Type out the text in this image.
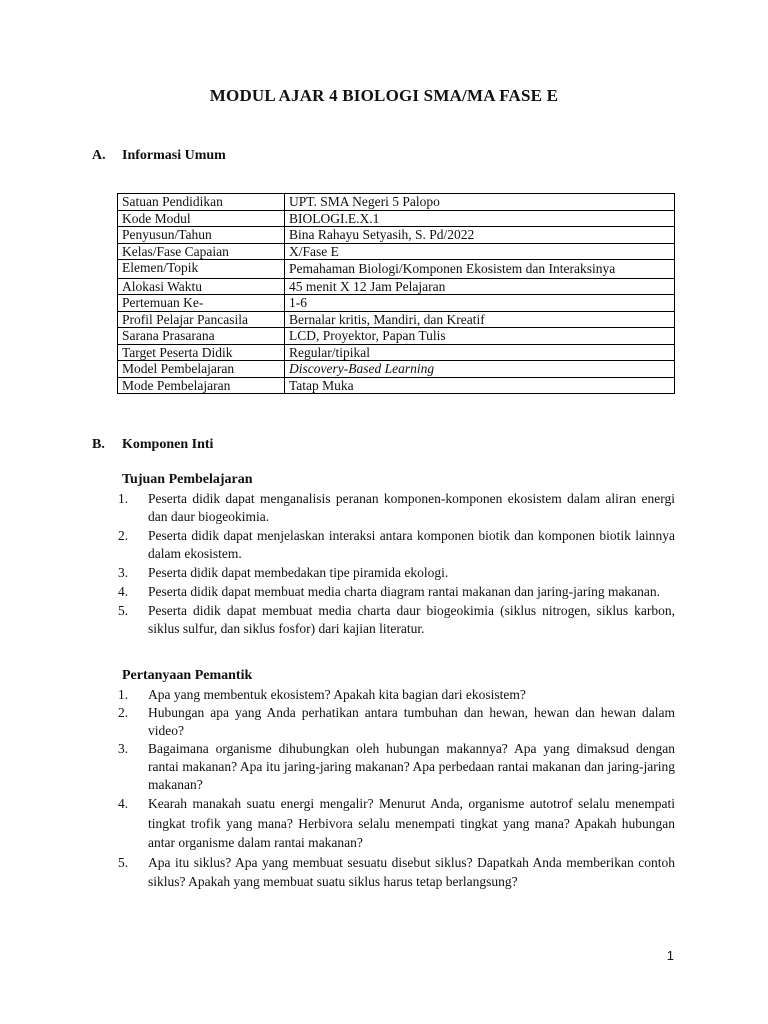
MODUL AJAR 4 BIOLOGI SMA/MA FASE E
A. Informasi Umum
Satuan Pendidikan	UPT. SMA Negeri 5 Palopo
Kode Modul	BIOLOGI.E.X.1
Penyusun/Tahun	Bina Rahayu Setyasih, S. Pd/2022
Kelas/Fase Capaian	X/Fase E
Elemen/Topik	Pemahaman Biologi/Komponen Ekosistem dan Interaksinya
Alokasi Waktu	45 menit X 12 Jam Pelajaran
Pertemuan Ke-	1-6
Profil Pelajar Pancasila	Bernalar kritis, Mandiri, dan Kreatif
Sarana Prasarana	LCD, Proyektor, Papan Tulis
Target Peserta Didik	Regular/tipikal
Model Pembelajaran	Discovery-Based Learning
Mode Pembelajaran	Tatap Muka
B. Komponen Inti
Tujuan Pembelajaran
1. Peserta didik dapat menganalisis peranan komponen-komponen ekosistem dalam aliran energi dan daur biogeokimia.
2. Peserta didik dapat menjelaskan interaksi antara komponen biotik dan komponen biotik lainnya dalam ekosistem.
3. Peserta didik dapat membedakan tipe piramida ekologi.
4. Peserta didik dapat membuat media charta diagram rantai makanan dan jaring-jaring makanan.
5. Peserta didik dapat membuat media charta daur biogeokimia (siklus nitrogen, siklus karbon, siklus sulfur, dan siklus fosfor) dari kajian literatur.
Pertanyaan Pemantik
1. Apa yang membentuk ekosistem? Apakah kita bagian dari ekosistem?
2. Hubungan apa yang Anda perhatikan antara tumbuhan dan hewan, hewan dan hewan dalam video?
3. Bagaimana organisme dihubungkan oleh hubungan makannya? Apa yang dimaksud dengan rantai makanan? Apa itu jaring-jaring makanan? Apa perbedaan rantai makanan dan jaring-jaring makanan?
4. Kearah manakah suatu energi mengalir? Menurut Anda, organisme autotrof selalu menempati tingkat trofik yang mana? Herbivora selalu menempati tingkat yang mana? Apakah hubungan antar organisme dalam rantai makanan?
5. Apa itu siklus? Apa yang membuat sesuatu disebut siklus? Dapatkah Anda memberikan contoh siklus? Apakah yang membuat suatu siklus harus tetap berlangsung?
1
